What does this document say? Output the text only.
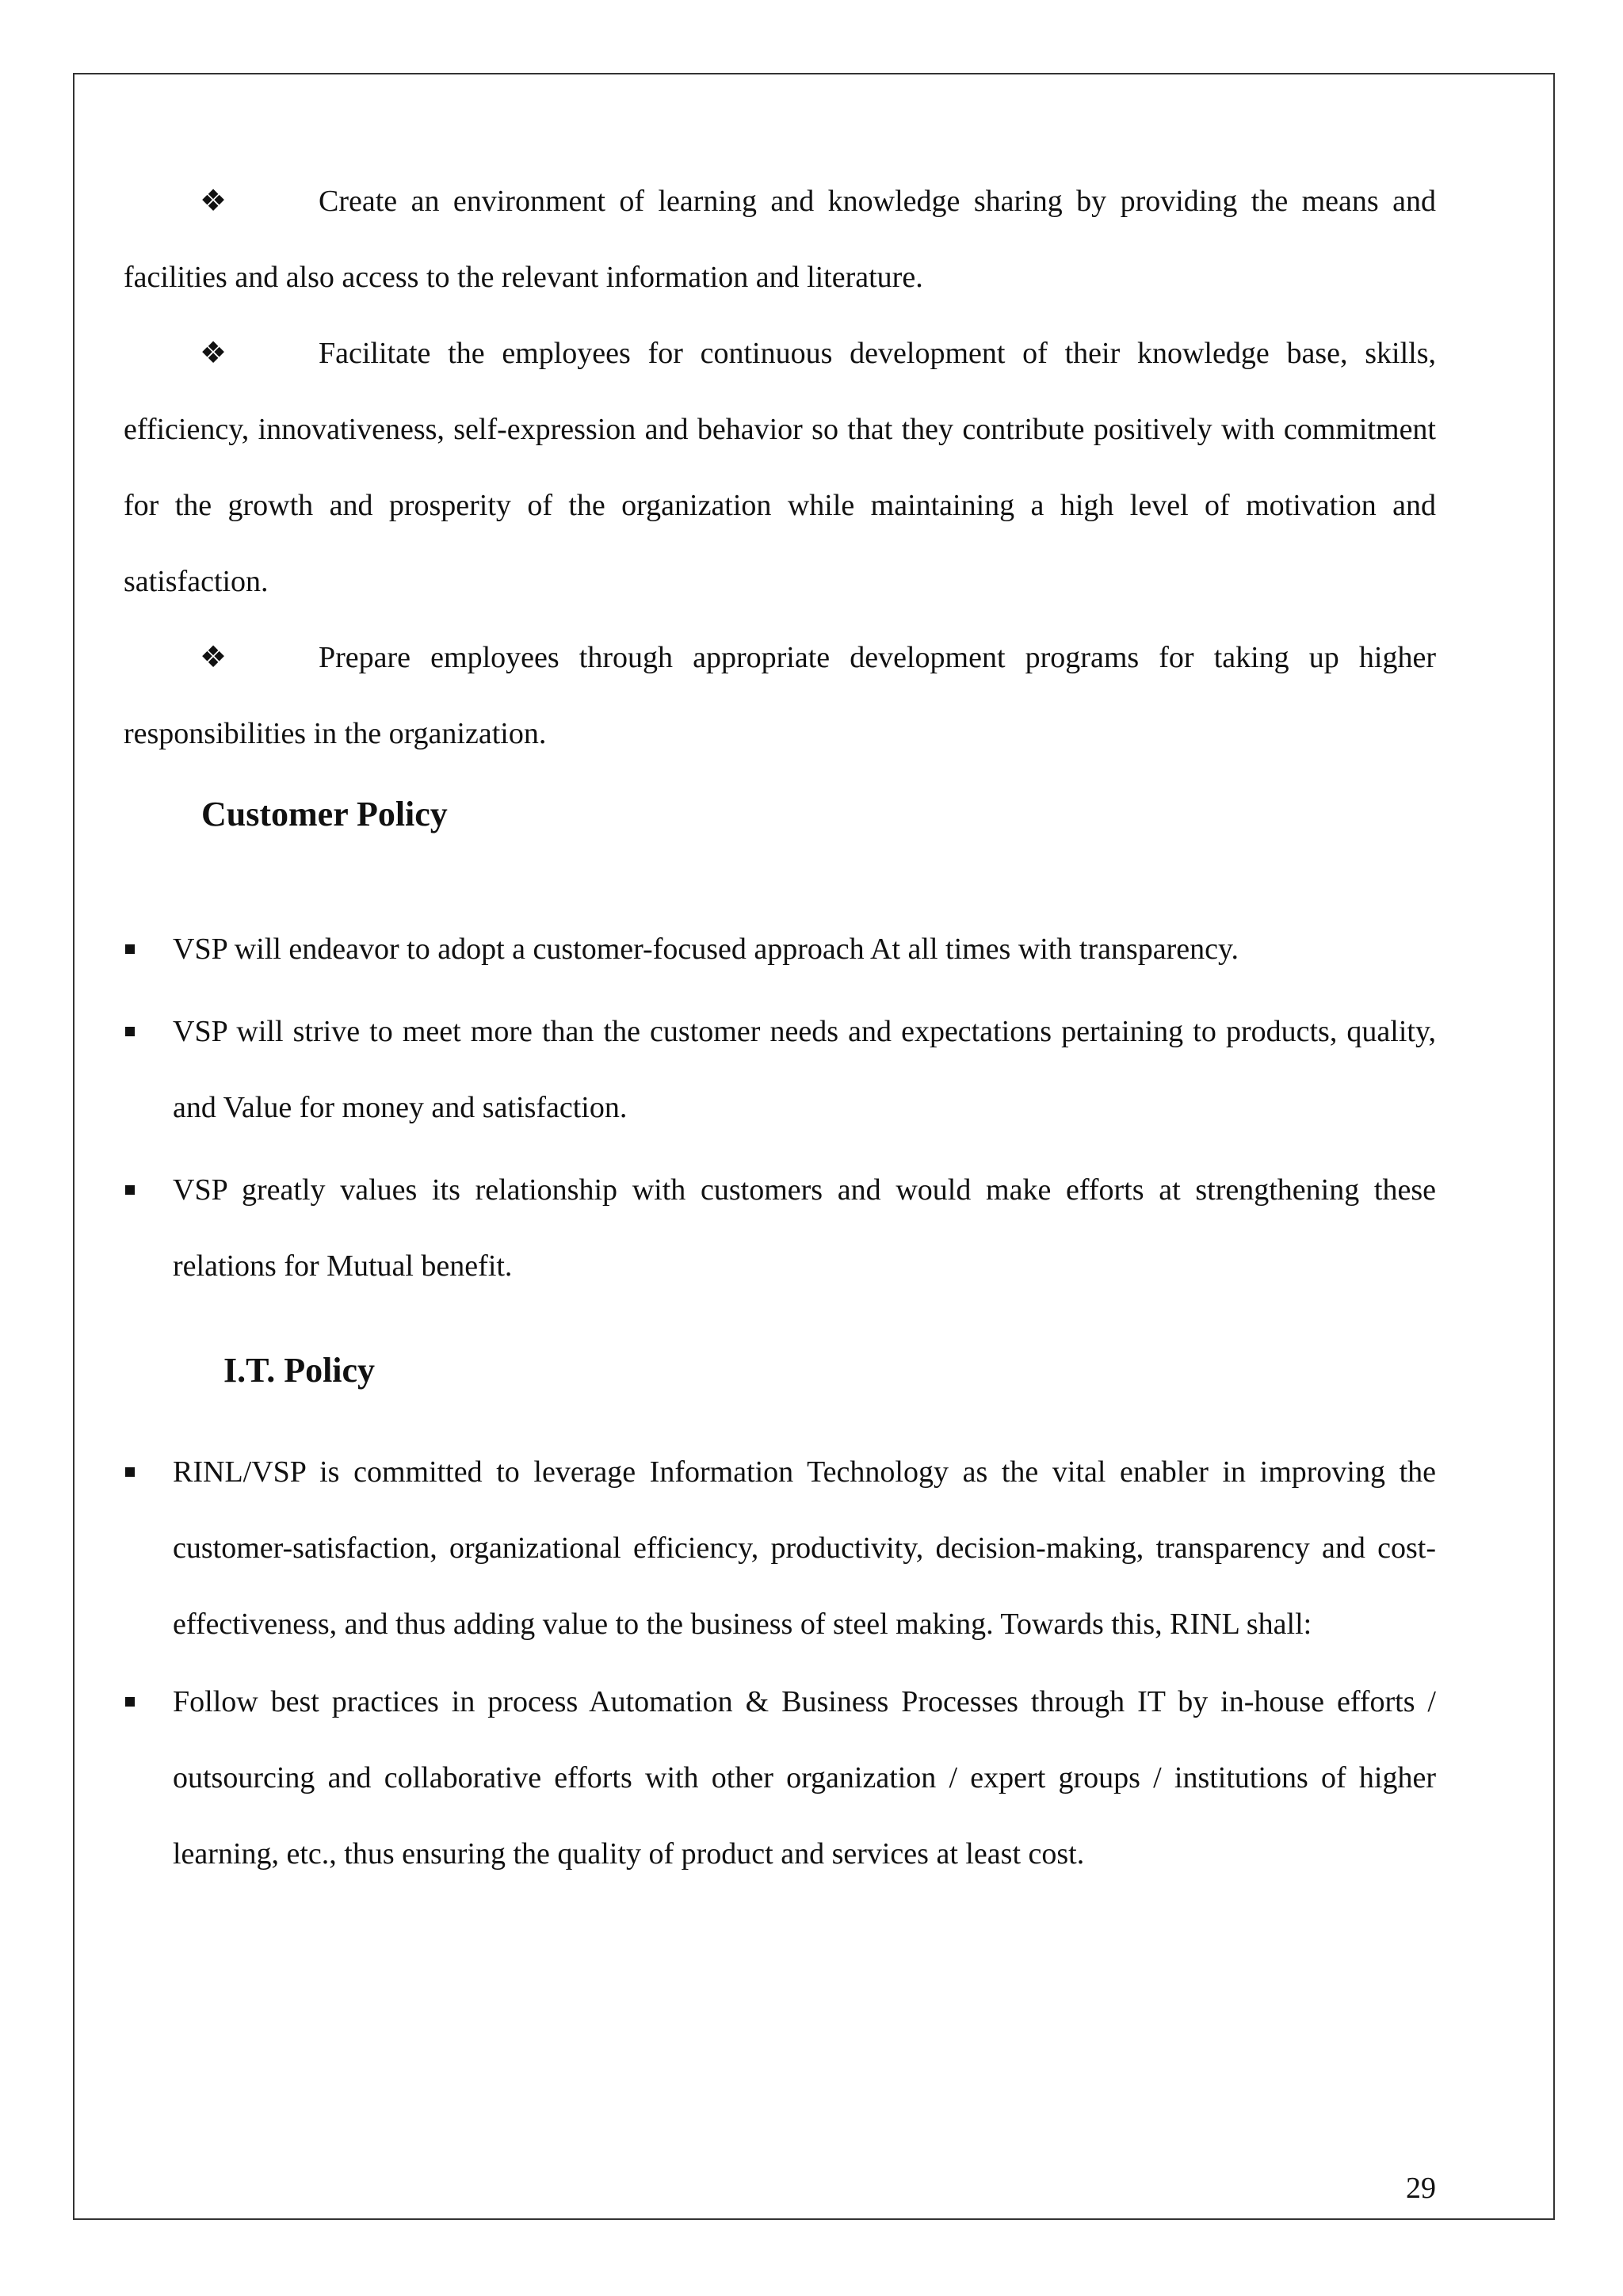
❖	Create an environment of learning and knowledge sharing by providing the means and facilities and also access to the relevant information and literature.

❖	Facilitate the employees for continuous development of their knowledge base, skills, efficiency, innovativeness, self-expression and behavior so that they contribute positively with commitment for the growth and prosperity of the organization while maintaining a high level of motivation and satisfaction.

❖	Prepare employees through appropriate development programs for taking up higher responsibilities in the organization.

Customer Policy
VSP will endeavor to adopt a customer-focused approach At all times with transparency.
VSP will strive to meet more than the customer needs and expectations pertaining to products, quality, and Value for money and satisfaction.
VSP greatly values its relationship with customers and would make efforts at strengthening these relations for Mutual benefit.
I.T. Policy
RINL/VSP is committed to leverage Information Technology as the vital enabler in improving the customer-satisfaction, organizational efficiency, productivity, decision-making, transparency and cost-effectiveness, and thus adding value to the business of steel making. Towards this, RINL shall:
Follow best practices in process Automation & Business Processes through IT by in-house efforts / outsourcing and collaborative efforts with other organization / expert groups / institutions of higher learning, etc., thus ensuring the quality of product and services at least cost.

29
